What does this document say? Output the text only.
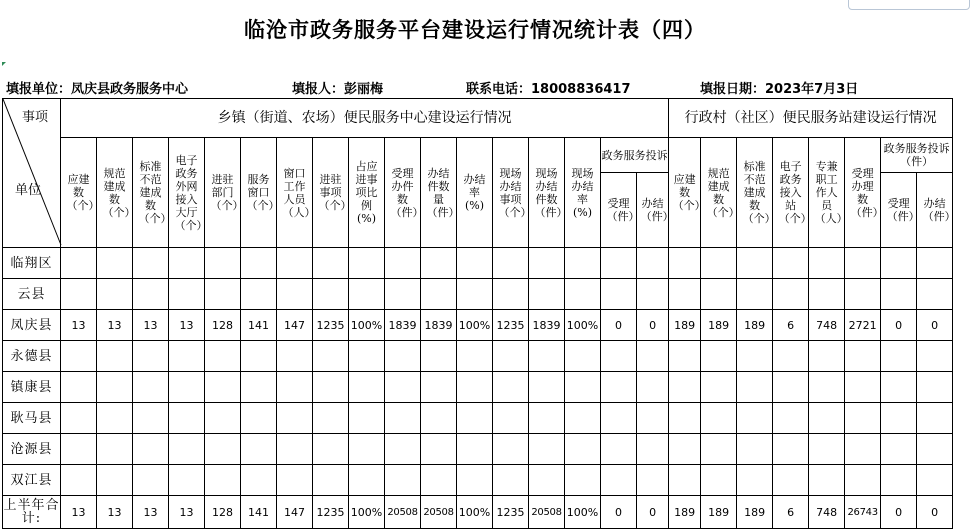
临沧市政务服务平台建设运行情况统计表（四）
填报单位：凤庆县政务服务中心	填报人：彭丽梅	联系电话：18008836417	填报日期：2023年7月3日
事项
单位	乡镇（街道、农场）便民服务中心建设运行情况																	行政村（社区）便民服务站建设运行情况							

	应建数（个）	规范建成数（个）	标准不范建成数（个）	电子政务外网接入大厅（个）	进驻部门（个）	服务窗口（个）	窗口工作人员（人）	进驻事项（个）	占应进事项比例(%)	受理办件数（件）	办结件数量（件）	办结率(%)	现场办结事项（个）	现场办结件数（件）	现场办结率(%)	政务服务投诉		应建数（个）	规范建成数（个）	标准不范建成数（个）	电子政务接入站（个）	专兼职工作人员（人）	受理办理数（件）	政务服务投诉（件）	

																受理（件）	办结（件）							受理（件）	办结（件）

临翔区																									
云县																									
凤庆县	13	13	13	13	128	141	147	1235	100%	1839	1839	100%	1235	1839	100%	0	0	189	189	189	6	748	2721	0	0
永德县																									
镇康县																									
耿马县																									
沧源县																									
双江县																									
上半年合计:	13	13	13	13	128	141	147	1235	100%	20508	20508	100%	1235	20508	100%	0	0	189	189	189	6	748	26743	0	0
